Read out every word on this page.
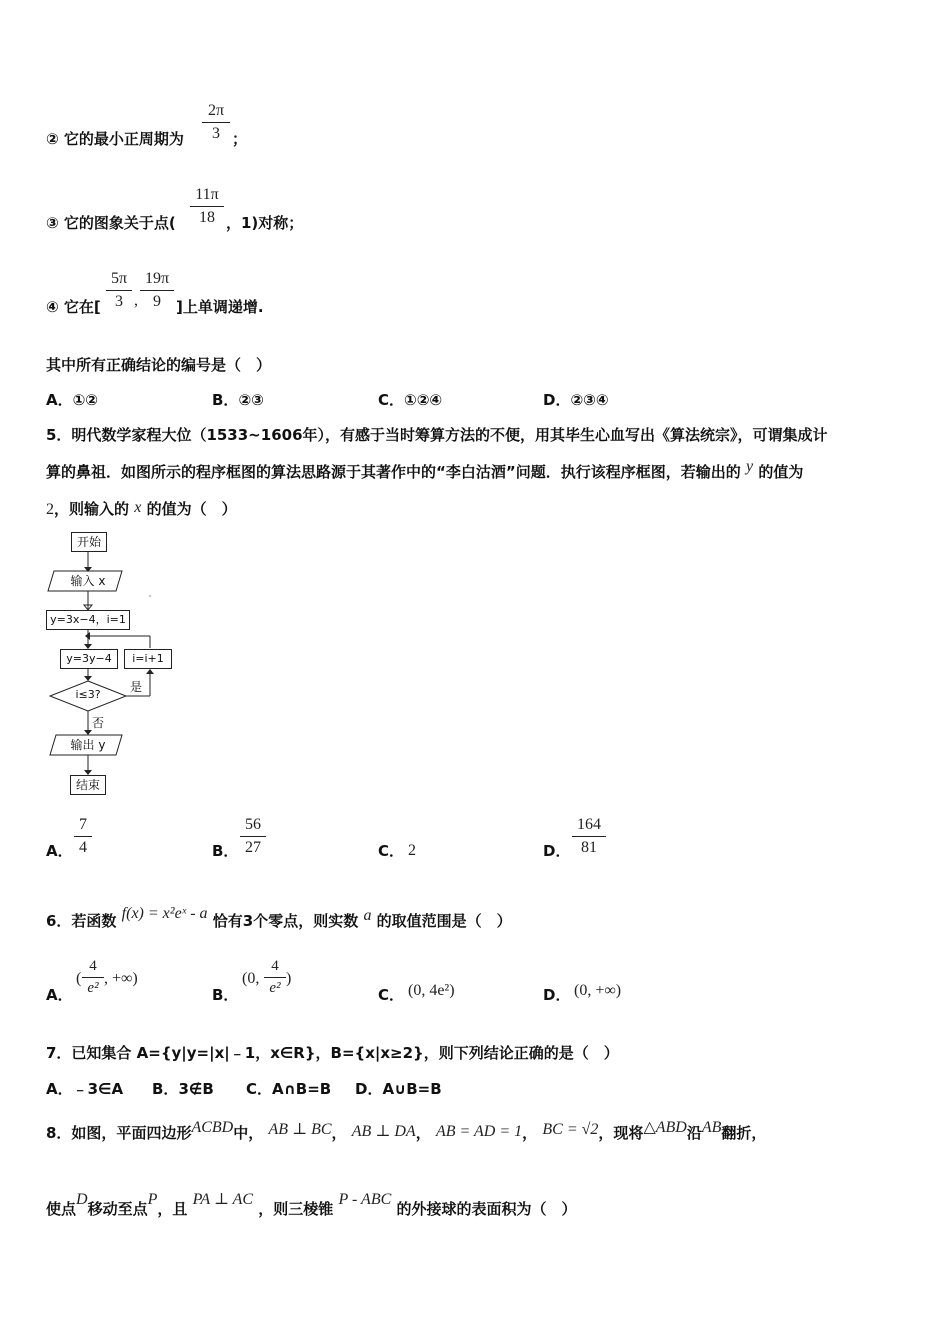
② 它的最小正周期为 $\frac{2\pi}{3}$ ；
③ 它的图象关于点( $\frac{11\pi}{18}$ ，1)对称；
④ 它在[ $\frac{5\pi}{3}$ , $\frac{19\pi}{9}$ ]上单调递增.
其中所有正确结论的编号是（　）
A．①②	B．②③	C．①②④	D．②③④
5．明代数学家程大位（1533~1606年），有感于当时筹算方法的不便，用其毕生心血写出《算法统宗》，可谓集成计
算的鼻祖．如图所示的程序框图的算法思路源于其著作中的“李白沽酒”问题．执行该程序框图，若输出的 y 的值为
2，则输入的 x 的值为（　）
开始
输入 x
y=3x−4，i=1
y=3y−4	i=i+1
i≤3?
是
否
输出 y
结束
A． $\frac{7}{4}$	B． $\frac{56}{27}$	C． 2	D． $\frac{164}{81}$
6．若函数 f(x) = x²eˣ - a 恰有3个零点，则实数 a 的取值范围是（　）
A．
( $\frac{4}{\text{e²}}$ , +∞)
B．
(0, $\frac{4}{\text{e²}}$ )
C． (0, 4e²)	D． (0, +∞)
7．已知集合 A={y|y=|x|﹣1，x∈R}，B={x|x≥2}，则下列结论正确的是（　）
A．﹣3∈A B．3∉B C．A∩B=B D．A∪B=B
8．如图，平面四边形ACBD中， AB ⊥ BC， AB ⊥ DA， AB = AD = 1， BC = √2，现将△ABD沿AB翻折，
使点D移动至点P，且 PA ⊥ AC ，则三棱锥 P - ABC 的外接球的表面积为（　）
